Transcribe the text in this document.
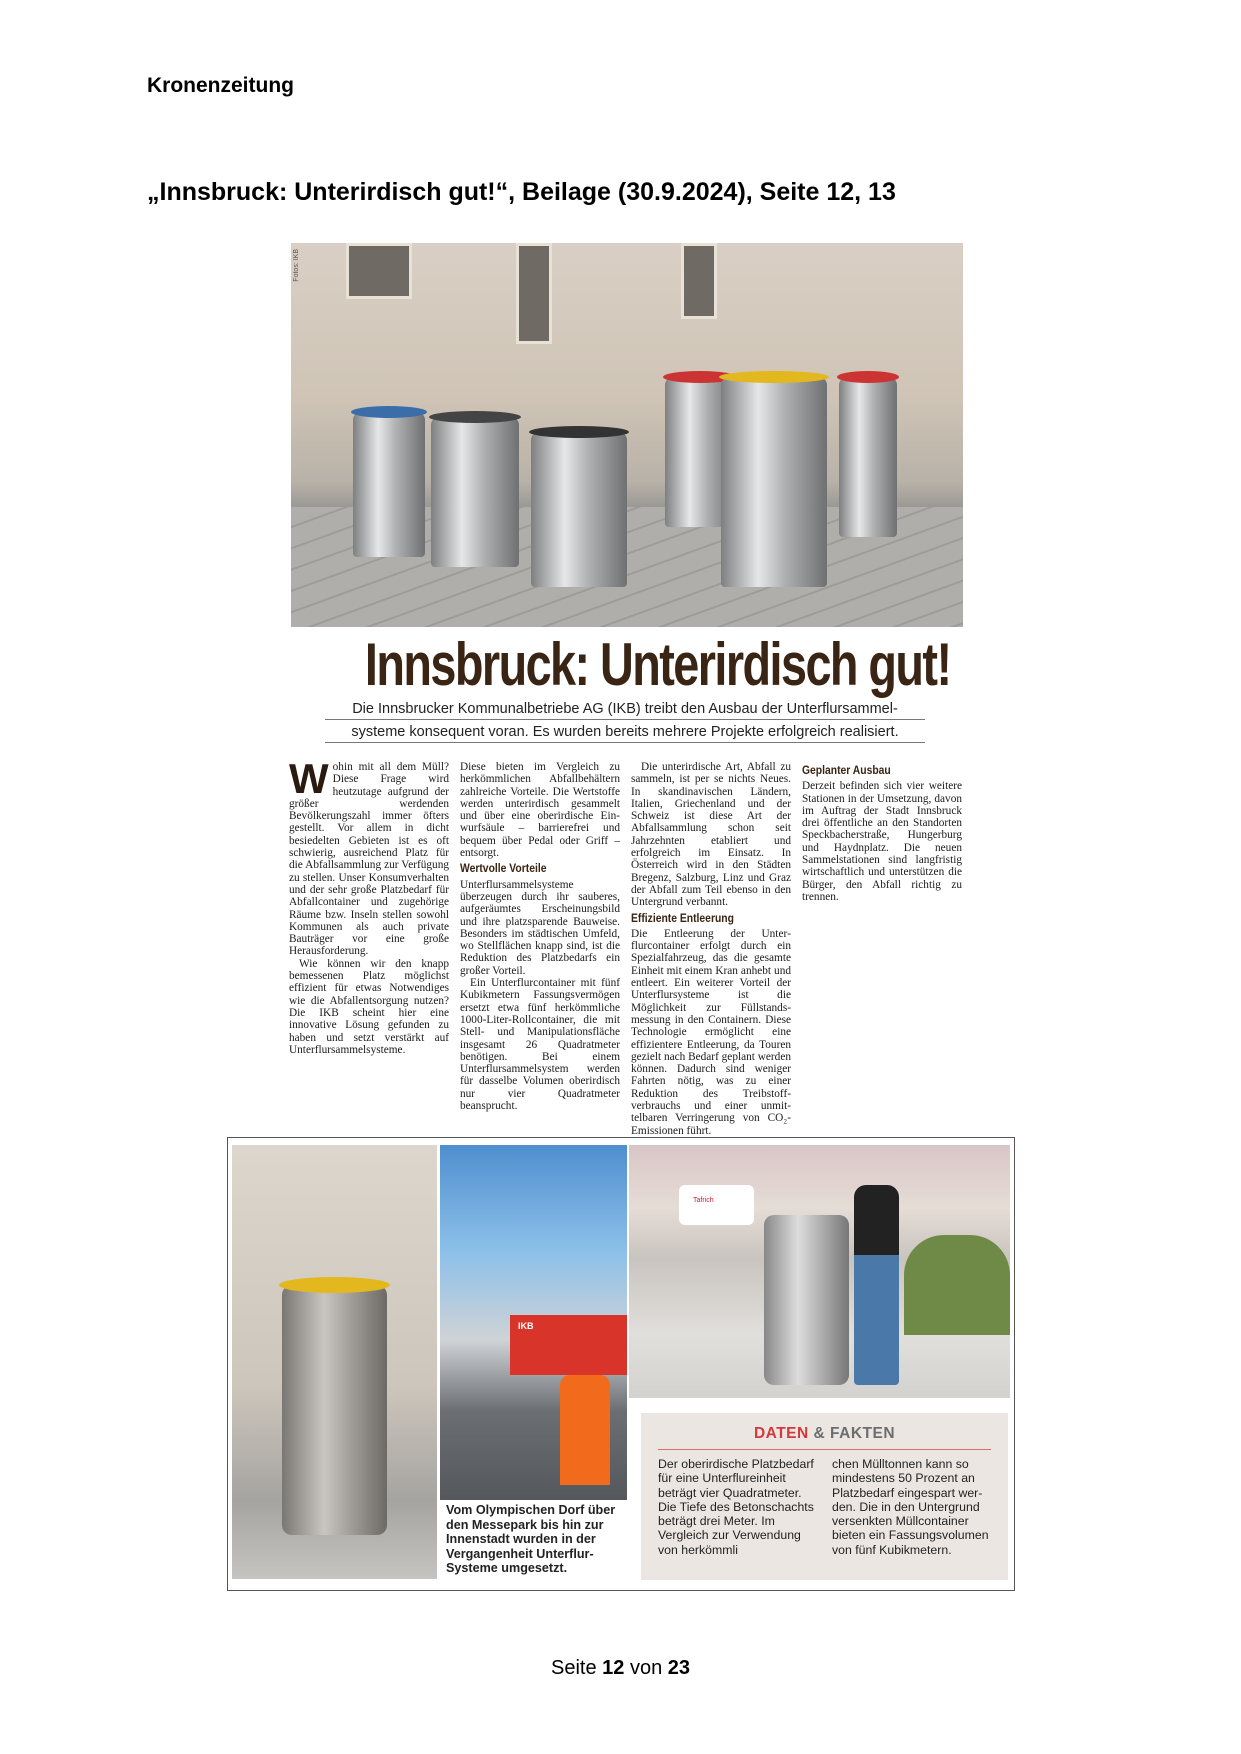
Kronenzeitung
„Innsbruck: Unterirdisch gut!“, Beilage (30.9.2024), Seite 12, 13
Fotos: IKB
Innsbruck: Unterirdisch gut!
Die Innsbrucker Kommunalbetriebe AG (IKB) treibt den Ausbau der Unterflursammel-
systeme konsequent voran. Es wurden bereits mehrere Projekte erfolgreich realisiert.

Wohin mit all dem Müll? Diese Frage wird heutzutage aufgrund der größer werdenden Bevölkerungszahl immer öfters gestellt. Vor allem in dicht besiedelten Gebieten ist es oft schwierig, ausreichend Platz für die Abfallsammlung zur Verfügung zu stellen. Unser Konsumverhalten und der sehr große Platzbedarf für Abfallcontainer und zugehörige Räume bzw. Inseln stellen sowohl Kommunen als auch private Bauträger vor eine große Herausforderung.

Wie können wir den knapp bemessenen Platz möglichst effizient für etwas Notwendiges wie die Abfallentsorgung nutzen? Die IKB scheint hier eine innovative Lösung gefunden zu haben und setzt verstärkt auf Unterflursammelsysteme.

Diese bieten im Vergleich zu herkömmlichen Abfallbehältern zahlreiche Vorteile. Die Wertstoffe werden unterirdisch gesammelt und über eine oberirdische Einwurfsäule – barrierefrei und bequem über Pedal oder Griff – entsorgt.

Wertvolle Vorteile

Unterflursammelsysteme überzeugen durch ihr sauberes, aufgeräumtes Erscheinungsbild und ihre platzsparende Bauweise. Besonders im städtischen Umfeld, wo Stellflächen knapp sind, ist die Reduktion des Platzbedarfs ein großer Vorteil.

Ein Unterflurcontainer mit fünf Kubikmetern Fassungsvermögen ersetzt etwa fünf herkömmliche 1000-Liter-Rollcontainer, die mit Stell- und Manipulationsfläche insgesamt 26 Quadratmeter benötigen. Bei einem Unterflursammelsystem werden für dasselbe Volumen oberirdisch nur vier Quadratmeter beansprucht.

Die unterirdische Art, Abfall zu sammeln, ist per se nichts Neues. In skandinavischen Ländern, Italien, Griechenland und der Schweiz ist diese Art der Abfallsammlung schon seit Jahrzehnten etabliert und erfolgreich im Einsatz. In Österreich wird in den Städten Bregenz, Salzburg, Linz und Graz der Abfall zum Teil ebenso in den Untergrund verbannt.

Effiziente Entleerung

Die Entleerung der Unterflurcontainer erfolgt durch ein Spezialfahrzeug, das die gesamte Einheit mit einem Kran anhebt und entleert. Ein weiterer Vorteil der Unterflursysteme ist die Möglichkeit zur Füllstandsmessung in den Containern. Diese Technologie ermöglicht eine effizientere Entleerung, da Touren gezielt nach Bedarf geplant werden können. Dadurch sind weniger Fahrten nötig, was zu einer Reduktion des Treibstoffverbrauchs und einer unmittelbaren Verringerung von CO₂-Emissionen führt.

Geplanter Ausbau

Derzeit befinden sich vier weitere Stationen in der Umsetzung, davon im Auftrag der Stadt Innsbruck drei öffentliche an den Standorten Speckbacherstraße, Hungerburg und Haydnplatz. Die neuen Sammelstationen sind langfristig wirtschaftlich und unterstützen die Bürger, den Abfall richtig zu trennen.

IKB
Tafrich
Vom Olympischen Dorf über den Messepark bis hin zur Innenstadt wurden in der Vergangenheit Unterflur-Systeme umgesetzt.
DATEN & FAKTEN
Der oberirdische Platzbedarf für eine Unterflureinheit beträgt vier Quadratmeter. Die Tiefe des Betonschachts beträgt drei Meter. Im Vergleich zur Verwendung von herkömmli
chen Mülltonnen kann so mindestens 50 Prozent an Platzbedarf eingespart werden. Die in den Untergrund versenkten Müllcontainer bieten ein Fassungsvolumen von fünf Kubikmetern.
Seite 12 von 23
